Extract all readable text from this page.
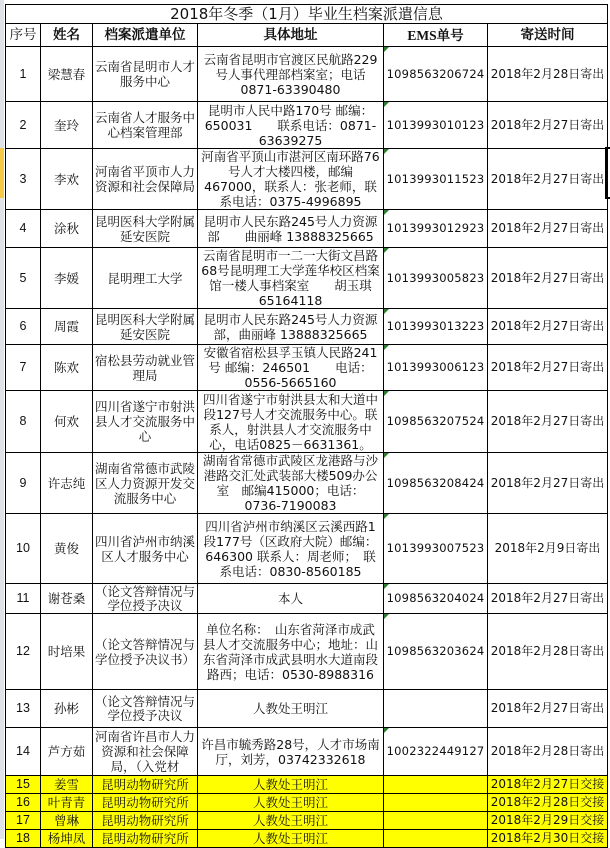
2018年冬季（1月）毕业生档案派遣信息					
序号	姓名	档案派遣单位	具体地址	EMS单号	寄送时间
1	梁慧春	云南省昆明市人才服务中心	云南省昆明市官渡区民航路229号人事代理部档案室；电话0871-63390480	1098563206724	2018年2月28日寄出
2	奎玲	云南省人才服务中心档案管理部	昆明市人民中路170号 邮编：650031　　联系电话：0871-63639275	1013993010123	2018年2月27日寄出
3	李欢	河南省平顶市人力资源和社会保障局	河南省平顶山市湛河区南环路76号人才大楼四楼，邮编467000，联系人：张老师，联系电话：0375-4996895	1013993011523	2018年2月27日寄出
4	涂秋	昆明医科大学附属延安医院	昆明市人民东路245号人力资源部　　曲丽峰 13888325665	1013993012923	2018年2月27日寄出
5	李媛	昆明理工大学	云南省昆明市一二一大街文昌路68号昆明理工大学莲华校区档案馆一楼人事档案室　　胡玉琪 65164118	1013993005823	2018年2月27日寄出
6	周霞	昆明医科大学附属延安医院	昆明市人民东路245号人力资源部，曲丽峰 13888325665	1013993013223	2018年2月27日寄出
7	陈欢	宿松县劳动就业管理局	安徽省宿松县孚玉镇人民路241号 邮编：246501　　电话：0556-5665160	1013993006123	2018年2月27日寄出
8	何欢	四川省遂宁市射洪县人才交流服务中心	四川省遂宁市射洪县太和大道中段127号人才交流服务中心。联系人，射洪县人才交流服务中心，电话0825－6631361。	1098563207524	2018年2月27日寄出
9	许志纯	湖南省常德市武陵区人力资源开发交流服务中心	湖南省常德市武陵区龙港路与沙港路交汇处武装部大楼509办公室　邮编415000；电话：0736-7190083	1098563208424	2018年2月27日寄出
10	黄俊	四川省泸州市纳溪区人才服务中心	四川省泸州市纳溪区云溪西路1段177号（区政府大院）邮编：646300 联系人：周老师；　联系电话：0830-8560185	1013993007523	2018年2月9日寄出
11	谢苍桑	（论文答辩情况与学位授予决议	本人	1098563204024	2018年2月27日寄出
12	时培果	（论文答辩情况与学位授予决议书）	单位名称：　山东省菏泽市成武县人才交流服务中心；地址：山东省菏泽市成武县明水大道南段路西；电话：0530-8988316	1098563203624	2018年2月28日寄出
13	孙彬	（论文答辩情况与学位授予决议	人教处王明江		2018年2月27日寄出
14	芦方茹	河南省许昌市人力资源和社会保障局，（入党材	许昌市毓秀路28号，人才市场南厅，刘芳，03742332618	1002322449127	2018年2月28日寄出
15	姜雪	昆明动物研究所	人教处王明江		2018年2月27日交接
16	叶青青	昆明动物研究所	人教处王明江		2018年2月28日交接
17	曾琳	昆明动物研究所	人教处王明江		2018年2月29日交接
18	杨坤凤	昆明动物研究所	人教处王明江		2018年2月30日交接
